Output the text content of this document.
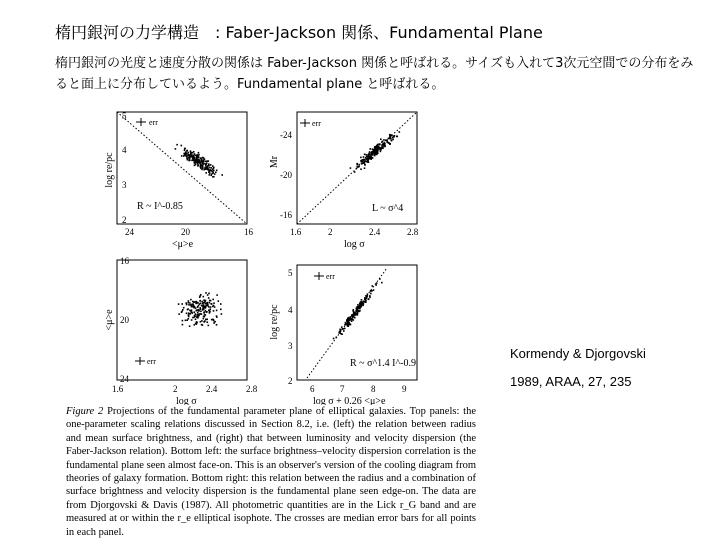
楕円銀河の力学構造　: Faber-Jackson 関係、Fundamental Plane
楕円銀河の光度と速度分散の関係は Faber-Jackson 関係と呼ばれる。サイズも入れて3次元空間での分布をみると面上に分布しているよう。Fundamental plane と呼ばれる。
err
R ~ I^-0.85
5
4
3
2
24	20	16
<μ>e
log re/pc
err
L ~ σ^4
-24
-20
-16
1.6	2	2.4	2.8
log σ
Mr
err
16
20
24
1.6	2	2.4	2.8
log σ
<μ>e
err
R ~ σ^1.4 I^-0.9
5
4
3
2
6	7	8	9
log σ + 0.26 <μ>e
log re/pc
Kormendy & Djorgovski
1989, ARAA, 27, 235
Figure 2 Projections of the fundamental parameter plane of elliptical galaxies. Top panels: the one-parameter scaling relations discussed in Section 8.2, i.e. (left) the relation between radius and mean surface brightness, and (right) that between luminosity and velocity dispersion (the Faber-Jackson relation). Bottom left: the surface brightness–velocity dispersion correlation is the fundamental plane seen almost face-on. This is an observer's version of the cooling diagram from theories of galaxy formation. Bottom right: this relation between the radius and a combination of surface brightness and velocity dispersion is the fundamental plane seen edge-on. The data are from Djorgovski & Davis (1987). All photometric quantities are in the Lick r_G band and are measured at or within the r_e elliptical isophote. The crosses are median error bars for all points in each panel.
